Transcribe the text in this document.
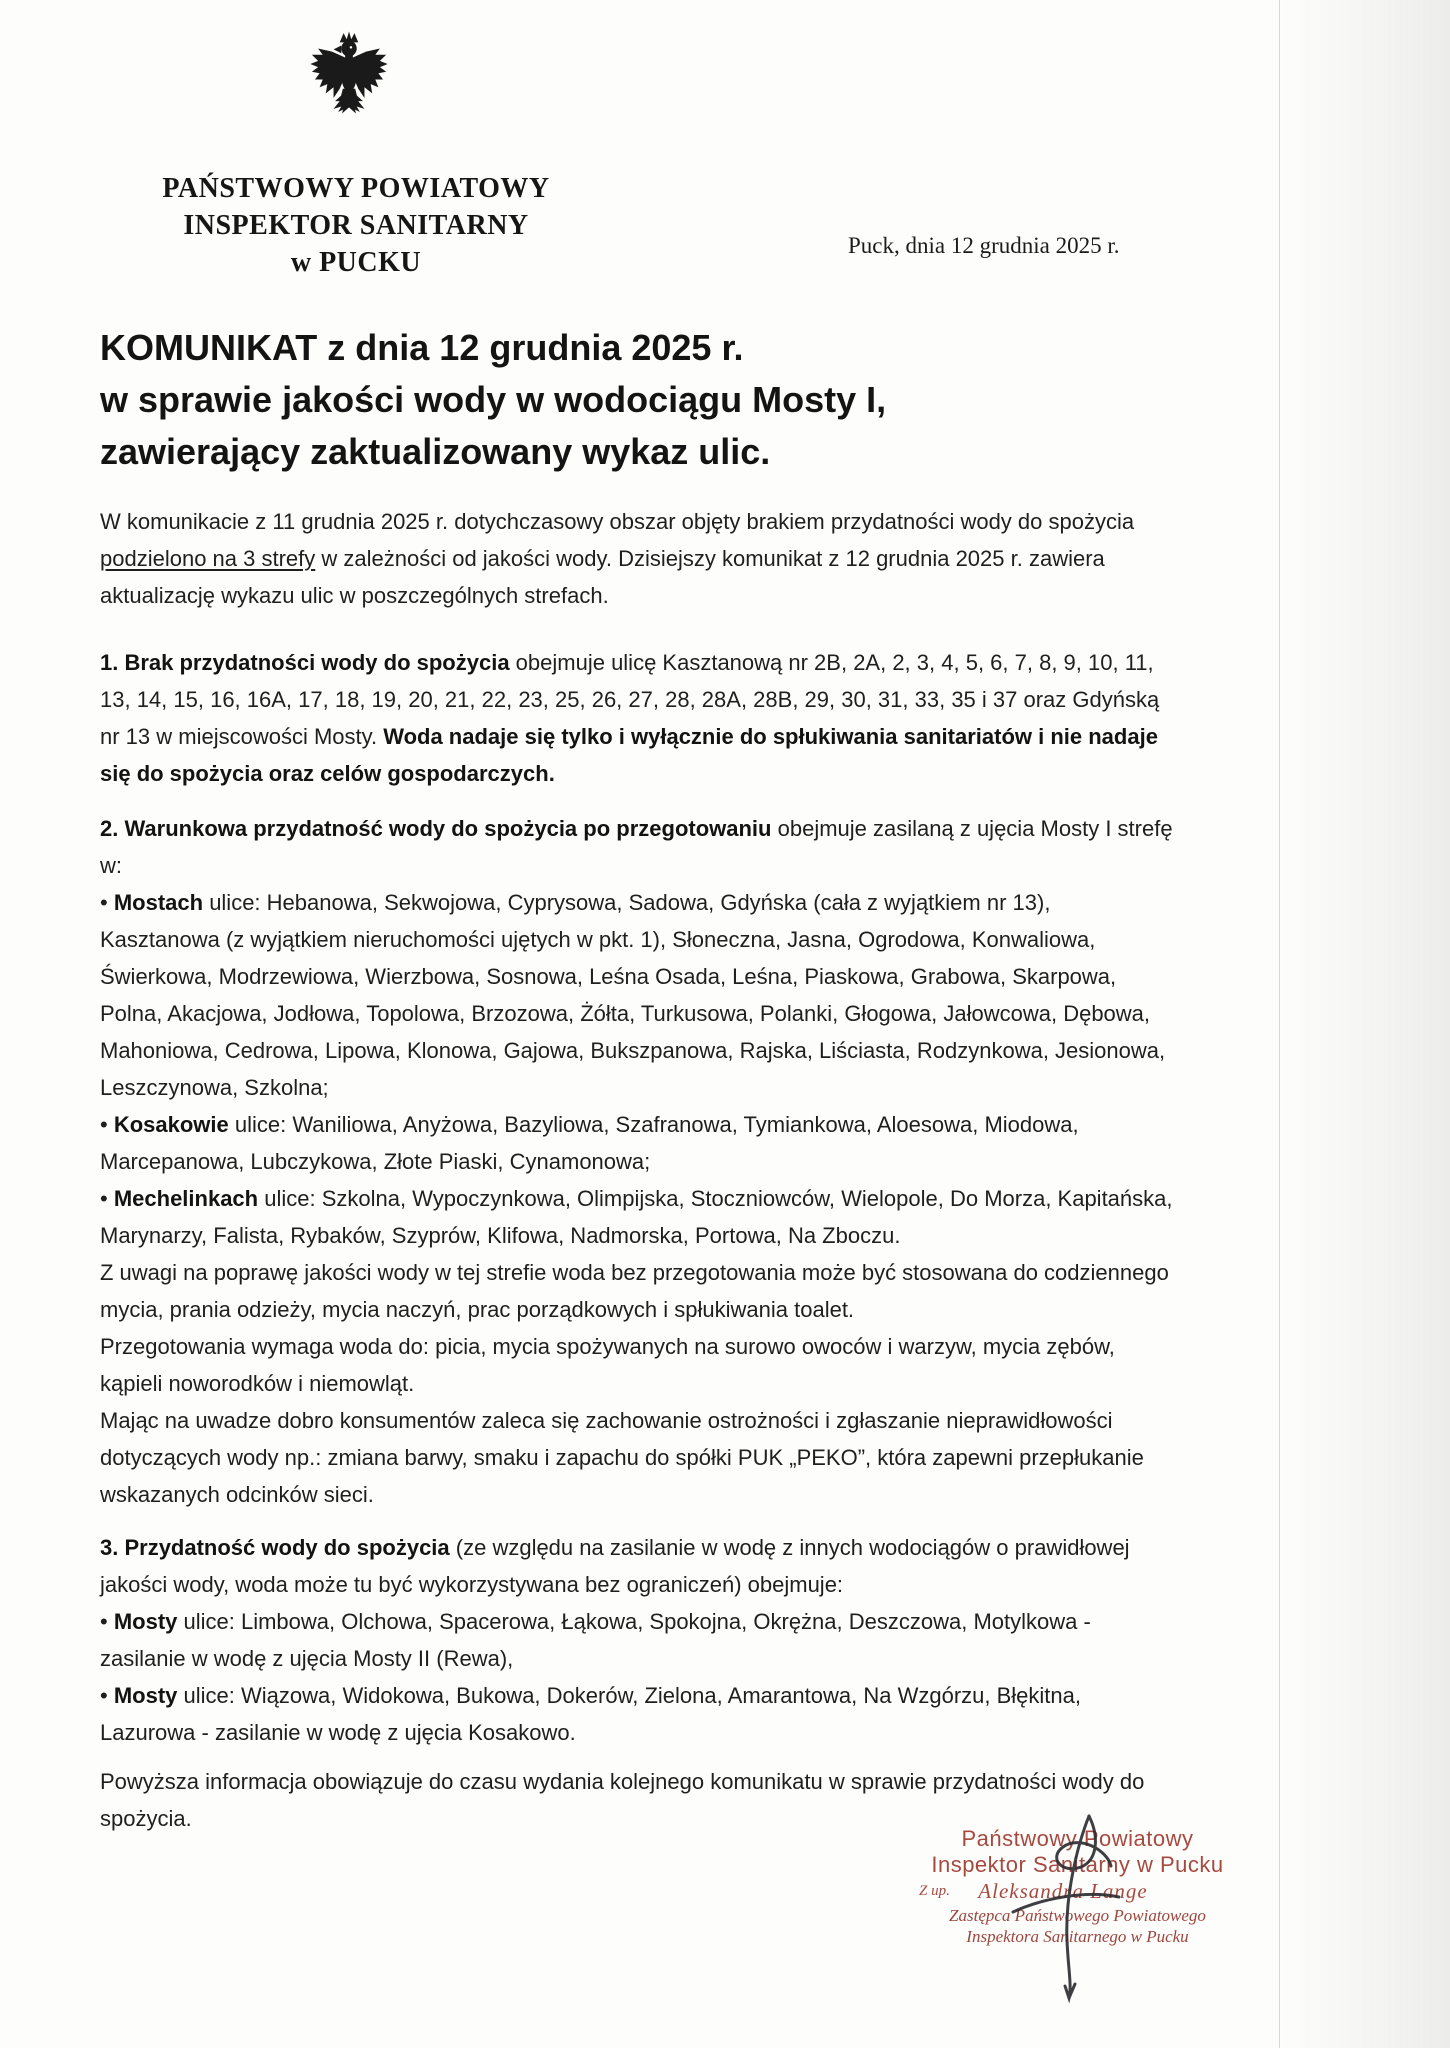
PAŃSTWOWY POWIATOWY
INSPEKTOR SANITARNY
w PUCKU
Puck, dnia 12 grudnia 2025 r.
KOMUNIKAT z dnia 12 grudnia 2025 r.
w sprawie jakości wody w wodociągu Mosty I,
zawierający zaktualizowany wykaz ulic.

W komunikacie z 11 grudnia 2025 r. dotychczasowy obszar objęty brakiem przydatności wody do spożycia podzielono na 3 strefy w zależności od jakości wody. Dzisiejszy komunikat z 12 grudnia 2025 r. zawiera aktualizację wykazu ulic w poszczególnych strefach.

1. Brak przydatności wody do spożycia obejmuje ulicę Kasztanową nr 2B, 2A, 2, 3, 4, 5, 6, 7, 8, 9, 10, 11, 13, 14, 15, 16, 16A, 17, 18, 19, 20, 21, 22, 23, 25, 26, 27, 28, 28A, 28B, 29, 30, 31, 33, 35 i 37 oraz Gdyńską nr 13 w miejscowości Mosty. Woda nadaje się tylko i wyłącznie do spłukiwania sanitariatów i nie nadaje się do spożycia oraz celów gospodarczych.

2. Warunkowa przydatność wody do spożycia po przegotowaniu obejmuje zasilaną z ujęcia Mosty I strefę w:

• Mostach ulice: Hebanowa, Sekwojowa, Cyprysowa, Sadowa, Gdyńska (cała z wyjątkiem nr 13), Kasztanowa (z wyjątkiem nieruchomości ujętych w pkt. 1), Słoneczna, Jasna, Ogrodowa, Konwaliowa, Świerkowa, Modrzewiowa, Wierzbowa, Sosnowa, Leśna Osada, Leśna, Piaskowa, Grabowa, Skarpowa, Polna, Akacjowa, Jodłowa, Topolowa, Brzozowa, Żółta, Turkusowa, Polanki, Głogowa, Jałowcowa, Dębowa, Mahoniowa, Cedrowa, Lipowa, Klonowa, Gajowa, Bukszpanowa, Rajska, Liściasta, Rodzynkowa, Jesionowa, Leszczynowa, Szkolna;

• Kosakowie ulice: Waniliowa, Anyżowa, Bazyliowa, Szafranowa, Tymiankowa, Aloesowa, Miodowa, Marcepanowa, Lubczykowa, Złote Piaski, Cynamonowa;

• Mechelinkach ulice: Szkolna, Wypoczynkowa, Olimpijska, Stoczniowców, Wielopole, Do Morza, Kapitańska, Marynarzy, Falista, Rybaków, Szyprów, Klifowa, Nadmorska, Portowa, Na Zboczu.

Z uwagi na poprawę jakości wody w tej strefie woda bez przegotowania może być stosowana do codziennego mycia, prania odzieży, mycia naczyń, prac porządkowych i spłukiwania toalet.

Przegotowania wymaga woda do: picia, mycia spożywanych na surowo owoców i warzyw, mycia zębów, kąpieli noworodków i niemowląt.

Mając na uwadze dobro konsumentów zaleca się zachowanie ostrożności i zgłaszanie nieprawidłowości dotyczących wody np.: zmiana barwy, smaku i zapachu do spółki PUK „PEKO”, która zapewni przepłukanie wskazanych odcinków sieci.

3. Przydatność wody do spożycia (ze względu na zasilanie w wodę z innych wodociągów o prawidłowej jakości wody, woda może tu być wykorzystywana bez ograniczeń) obejmuje:

• Mosty ulice: Limbowa, Olchowa, Spacerowa, Łąkowa, Spokojna, Okrężna, Deszczowa, Motylkowa - zasilanie w wodę z ujęcia Mosty II (Rewa),

• Mosty ulice: Wiązowa, Widokowa, Bukowa, Dokerów, Zielona, Amarantowa, Na Wzgórzu, Błękitna, Lazurowa - zasilanie w wodę z ujęcia Kosakowo.

Powyższa informacja obowiązuje do czasu wydania kolejnego komunikatu w sprawie przydatności wody do spożycia.

Państwowy Powiatowy
Inspektor Sanitarny w Pucku
Z up. Aleksandra Lange
Zastępca Państwowego Powiatowego
Inspektora Sanitarnego w Pucku
